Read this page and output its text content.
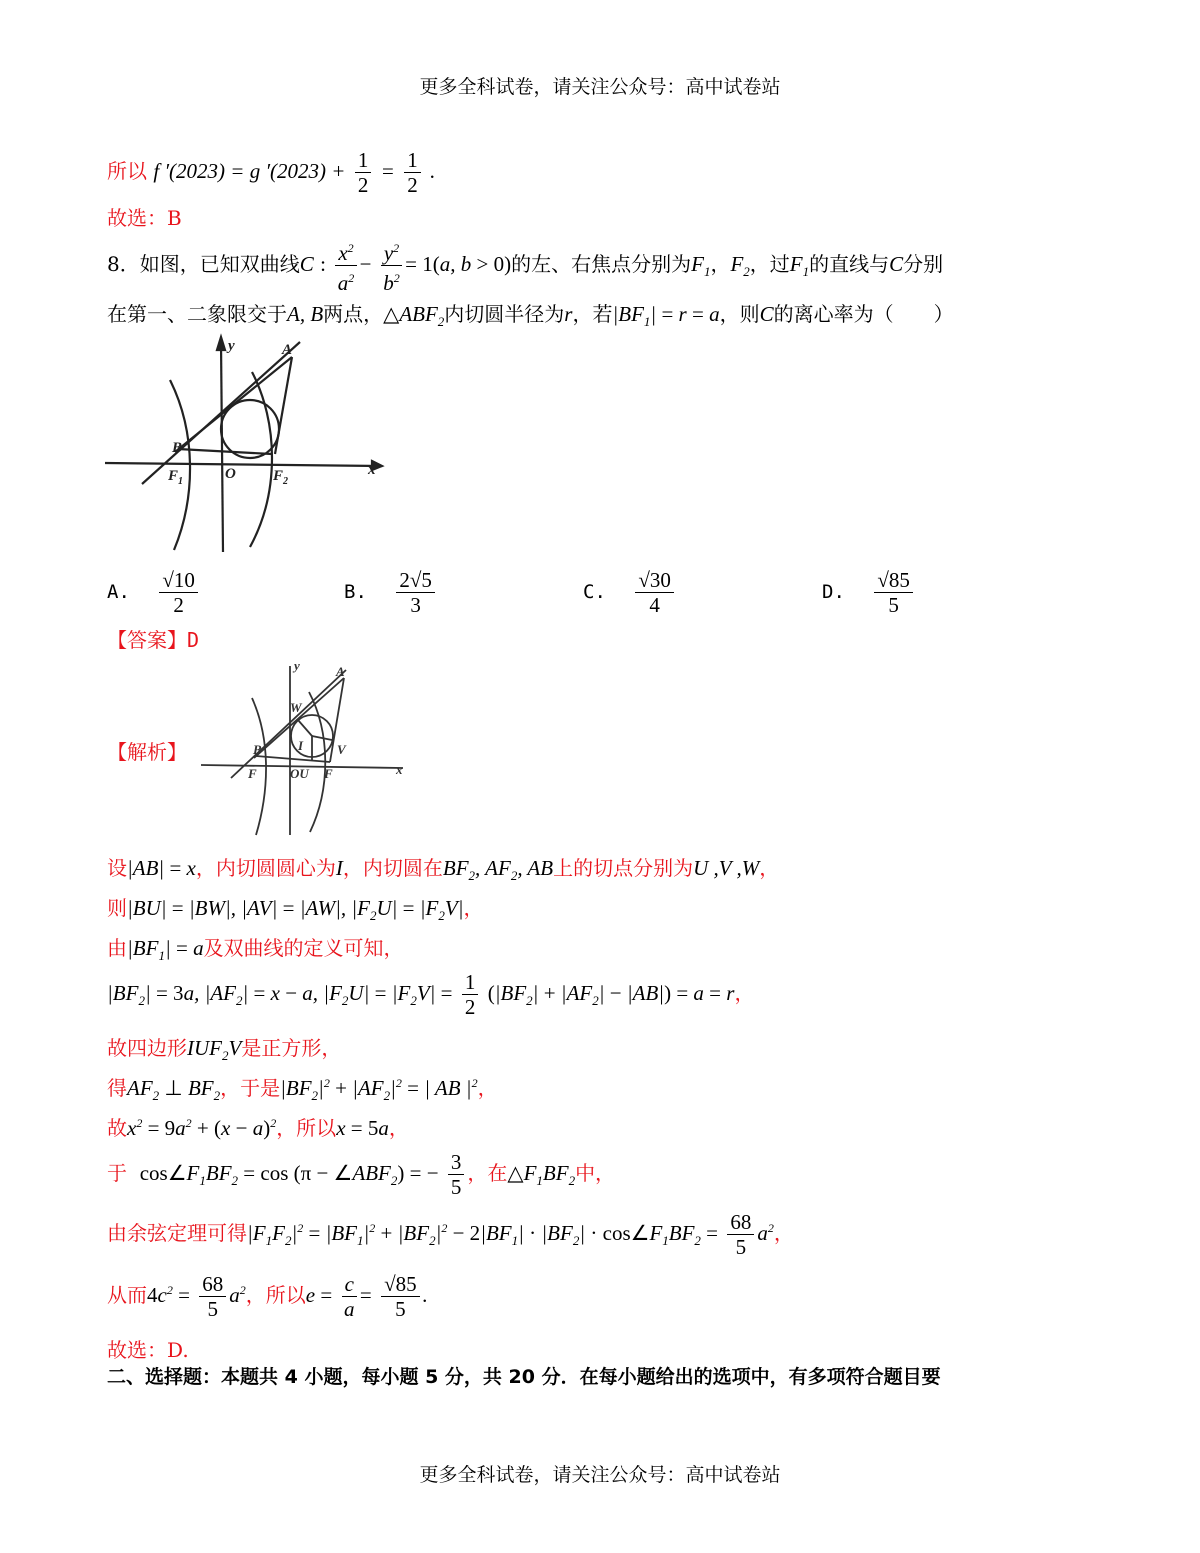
更多全科试卷，请关注公众号：高中试卷站
所以 f ′(2023) = g $'(2023) + \frac{1}{2} = \frac{1}{2}$ .
故选：B
8．如图，已知双曲线C : $\frac{x^2}{a^2} - \frac{y^2}{b^2} = 1(a$, b > 0)的左、右焦点分别为$F_1$，$F_2$，过$F_1$的直线与C分别
在第一、二象限交于A, B两点，$\triangle ABF_2$内切圆半径为r，若$|BF_1| = r = a$，则C的离心率为（　　）
y	A
B
$F_1$	O $F_2$
x
A. $\frac{√10}{2}$	B. $\frac{2√5}{3}$	C. $\frac{√30}{4}$	D. $\frac{√85}{5}$
【答案】D
【解析】
y	A
W
I	V
B
F	OU F	x
设|AB| = x，内切圆圆心为I，内切圆在$BF_2$, $AF_2$, AB上的切点分别为U ,V ,W，
则|BU| = |BW|, |AV| = |AW|, $|F_2U| = |F_2V|$，
由$|BF_1| = a$及双曲线的定义可知，
$|BF_2| = 3a$, $|AF_2| = x - a$, $|F_2U| = |F_2V| = \frac{1}{2} (|BF_2| + |AF_2| - |AB|) = a = r$，
故四边形$IUF_2V$是正方形，
得$AF_2$ ⊥ $BF_2$，于是$|BF_2|^2 + |AF_2|^2$ = | AB $|^2$，
故$x^2 = 9a^2 + (x - a)^2$，所以x = 5a，
于 $\cos\angle F_1BF_2 = \cos (\pi$ − $\angle ABF_2$) = − $\frac{3}{5}$ ，在$\triangle F_1BF_2$中，
由余弦定理可得$|F_1F_2|^2 = |BF_1|^2 + |BF_2|^2 - 2|BF_1| \cdot |BF_2|$ · $\cos\angle F_1BF_2 = \frac{68}{5} a^2$，
从而$4c^2 = \frac{68}{5} a^2$，所以$e = \frac{c}{a} = \frac{√85}{5}$ .
故选：D.
二、选择题：本题共 4 小题，每小题 5 分，共 20 分．在每小题给出的选项中，有多项符合题目要
更多全科试卷，请关注公众号：高中试卷站
